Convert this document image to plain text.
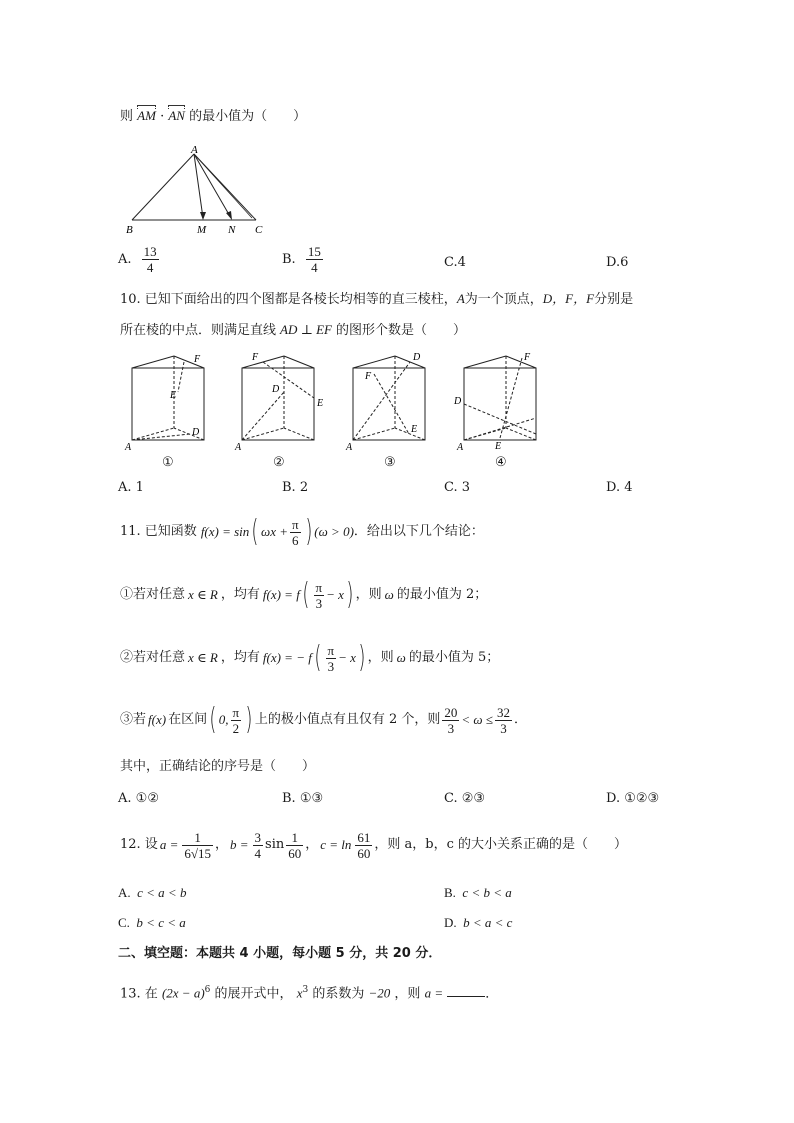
则 AM · AN 的最小值为（　　）
A
B	M N C
A. $\frac{13}{4}$	B. $\frac{15}{4}$	C.4	D.6
10. 已知下面给出的四个图都是各棱长均相等的直三棱柱，A为一个顶点，D，F，F分别是
所在棱的中点．则满足直线 AD ⊥ EF 的图形个数是（　　）
A
D
E
F
A
D
E
F
A
D
E
F
A
D
E
F
①	②	③	④
A. 1	B. 2	C. 3	D. 4
11. 已知函数 f(x) = sin ( $\omega x + \frac{\pi}{6}$ ) (ω > 0) ．给出以下几个结论：
①若对任意 x ∈ R ，均有 f(x) = f ( $\frac{\pi}{3} - x$ ) ，则 ω 的最小值为 2；
②若对任意 x ∈ R ，均有 f(x) = − f ( $\frac{\pi}{3} - x$ ) ，则 ω 的最小值为 5；
③若 f(x) 在区间 ( 0, $\frac{\pi}{2}$ ) 上的极小值点有且仅有 2 个，则 $\frac{20}{3} < \omega \le \frac{32}{3}$ ．
其中，正确结论的序号是（　　）
A. ①②	B. ①③	C. ②③	D. ①②③
12. 设 $a = \frac{1}{6√15}$ ， $b = \frac{3}{4}$ $\sin \frac{1}{60}$ ， $c = \ln \frac{61}{60}$ ，则 a，b，c 的大小关系正确的是（　　）
A. c < a < b	B. c < b < a
C. b < c < a	D. b < a < c
二、填空题：本题共 4 小题，每小题 5 分，共 20 分．
13. 在 $(2x - a)^6$ 的展开式中， $x^3$ 的系数为 −20 ，则 a =	．
